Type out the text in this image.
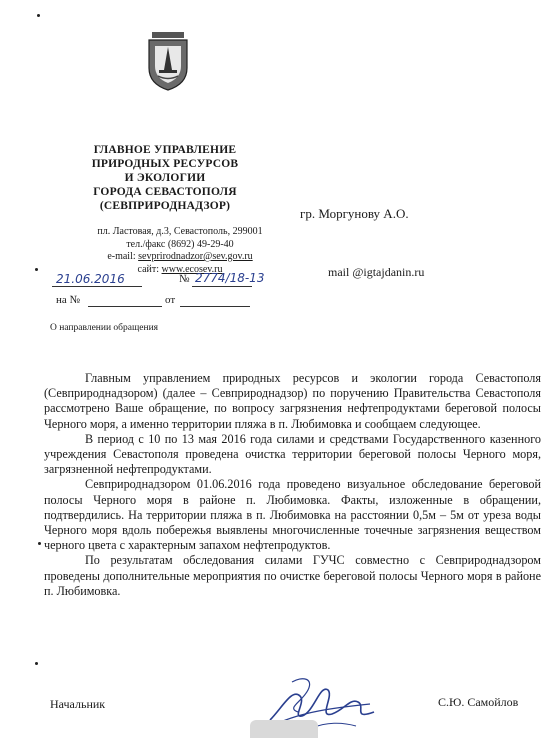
ГЛАВНОЕ УПРАВЛЕНИЕ
ПРИРОДНЫХ РЕСУРСОВ
И ЭКОЛОГИИ
ГОРОДА СЕВАСТОПОЛЯ
(СЕВПРИРОДНАДЗОР)
пл. Ластовая, д.3, Севастополь, 299001
тел./факс (8692) 49-29-40
e-mail: sevprirodnadzor@sev.gov.ru
сайт: www.ecosev.ru
21.06.2016	№ 2774/18-13
на №	от
О направлении обращения
гр. Моргунову А.О.
mail @igtajdanin.ru

Главным управлением природных ресурсов и экологии города Севастополя (Севприроднадзором) (далее – Севприроднадзор) по поручению Правительства Севастополя рассмотрено Ваше обращение, по вопросу загрязнения нефтепродуктами береговой полосы Черного моря, а именно территории пляжа в п. Любимовка и сообщаем следующее.

В период с 10 по 13 мая 2016 года силами и средствами Государственного казенного учреждения Севастополя проведена очистка территории береговой полосы Черного моря, загрязненной нефтепродуктами.

Севприроднадзором 01.06.2016 года проведено визуальное обследование береговой полосы Черного моря в районе п. Любимовка. Факты, изложенные в обращении, подтвердились. На территории пляжа в п. Любимовка на расстоянии 0,5м – 5м от уреза воды Черного моря вдоль побережья выявлены многочисленные точечные загрязнения веществом черного цвета с характерным запахом нефтепродуктов.

По результатам обследования силами ГУЧС совместно с Севприроднадзором проведены дополнительные мероприятия по очистке береговой полосы Черного моря в районе п. Любимовка.

Начальник	С.Ю. Самойлов
